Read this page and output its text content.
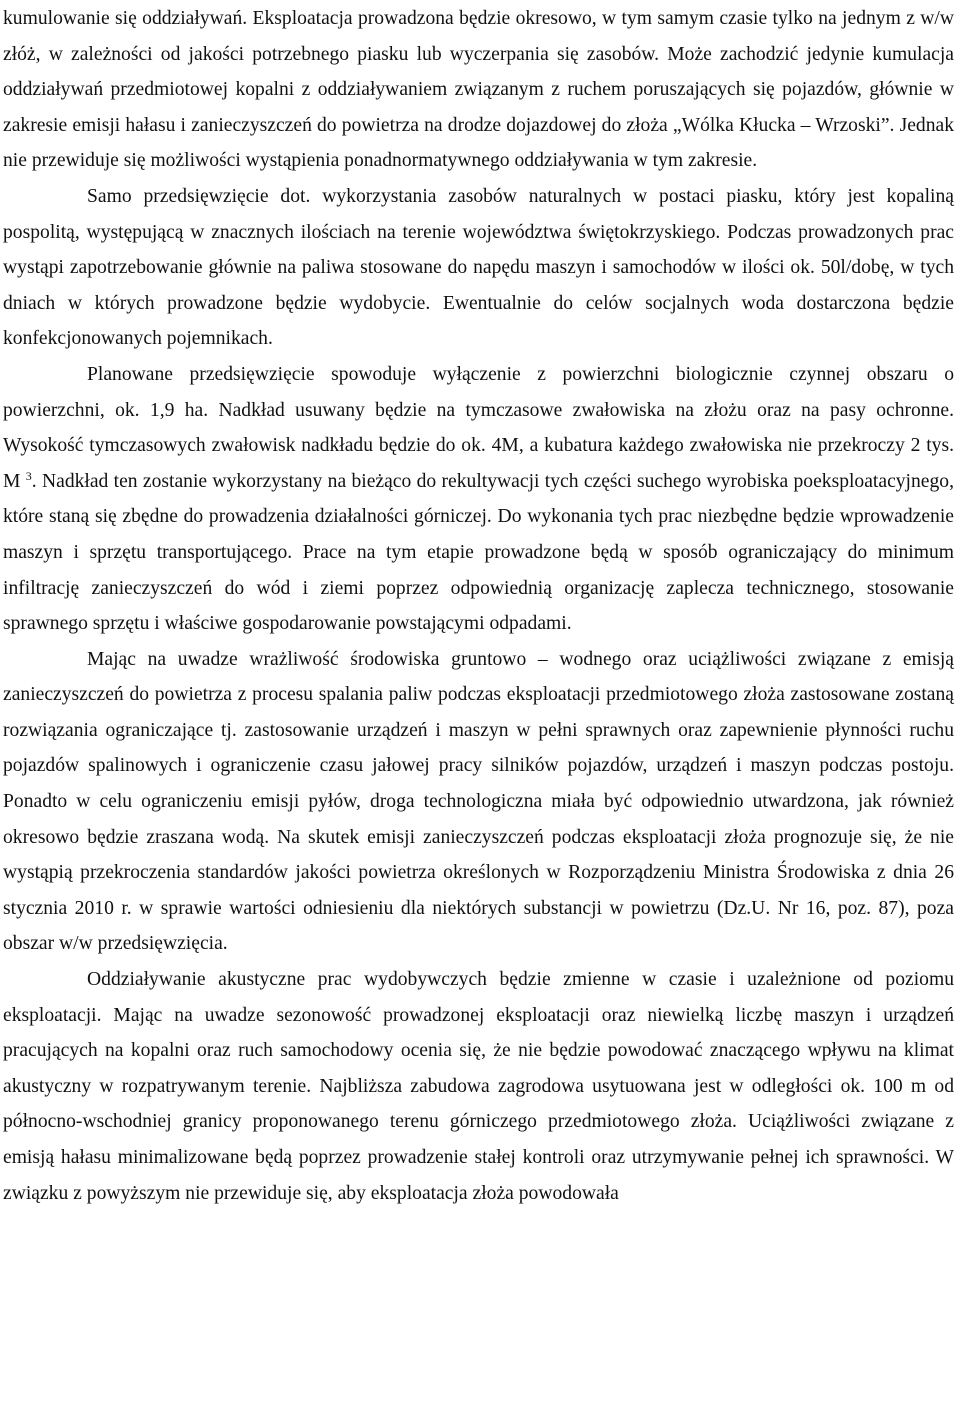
kumulowanie się oddziaływań. Eksploatacja prowadzona będzie okresowo, w tym samym czasie tylko na jednym z w/w złóż, w zależności od jakości potrzebnego piasku lub wyczerpania się zasobów. Może zachodzić jedynie kumulacja oddziaływań przedmiotowej kopalni z oddziaływaniem związanym z ruchem poruszających się pojazdów, głównie w zakresie emisji hałasu i zanieczyszczeń do powietrza na drodze dojazdowej do złoża „Wólka Kłucka – Wrzoski”. Jednak nie przewiduje się możliwości wystąpienia ponadnormatywnego oddziaływania w tym zakresie.

Samo przedsięwzięcie dot. wykorzystania zasobów naturalnych w postaci piasku, który jest kopaliną pospolitą, występującą w znacznych ilościach na terenie województwa świętokrzyskiego. Podczas prowadzonych prac wystąpi zapotrzebowanie głównie na paliwa stosowane do napędu maszyn i samochodów w ilości ok. 50l/dobę, w tych dniach w których prowadzone będzie wydobycie. Ewentualnie do celów socjalnych woda dostarczona będzie konfekcjonowanych pojemnikach.

Planowane przedsięwzięcie spowoduje wyłączenie z powierzchni biologicznie czynnej obszaru o powierzchni, ok. 1,9 ha. Nadkład usuwany będzie na tymczasowe zwałowiska na złożu oraz na pasy ochronne. Wysokość tymczasowych zwałowisk nadkładu będzie do ok. 4M, a kubatura każdego zwałowiska nie przekroczy 2 tys. M $^3$. Nadkład ten zostanie wykorzystany na bieżąco do rekultywacji tych części suchego wyrobiska poeksploatacyjnego, które staną się zbędne do prowadzenia działalności górniczej. Do wykonania tych prac niezbędne będzie wprowadzenie maszyn i sprzętu transportującego. Prace na tym etapie prowadzone będą w sposób ograniczający do minimum infiltrację zanieczyszczeń do wód i ziemi poprzez odpowiednią organizację zaplecza technicznego, stosowanie sprawnego sprzętu i właściwe gospodarowanie powstającymi odpadami.

Mając na uwadze wrażliwość środowiska gruntowo – wodnego oraz uciążliwości związane z emisją zanieczyszczeń do powietrza z procesu spalania paliw podczas eksploatacji przedmiotowego złoża zastosowane zostaną rozwiązania ograniczające tj. zastosowanie urządzeń i maszyn w pełni sprawnych oraz zapewnienie płynności ruchu pojazdów spalinowych i ograniczenie czasu jałowej pracy silników pojazdów, urządzeń i maszyn podczas postoju. Ponadto w celu ograniczeniu emisji pyłów, droga technologiczna miała być odpowiednio utwardzona, jak również okresowo będzie zraszana wodą. Na skutek emisji zanieczyszczeń podczas eksploatacji złoża prognozuje się, że nie wystąpią przekroczenia standardów jakości powietrza określonych w Rozporządzeniu Ministra Środowiska z dnia 26 stycznia 2010 r. w sprawie wartości odniesieniu dla niektórych substancji w powietrzu (Dz.U. Nr 16, poz. 87), poza obszar w/w przedsięwzięcia.

Oddziaływanie akustyczne prac wydobywczych będzie zmienne w czasie i uzależnione od poziomu eksploatacji. Mając na uwadze sezonowość prowadzonej eksploatacji oraz niewielką liczbę maszyn i urządzeń pracujących na kopalni oraz ruch samochodowy ocenia się, że nie będzie powodować znaczącego wpływu na klimat akustyczny w rozpatrywanym terenie. Najbliższa zabudowa zagrodowa usytuowana jest w odległości ok. 100 m od północno-wschodniej granicy proponowanego terenu górniczego przedmiotowego złoża. Uciążliwości związane z emisją hałasu minimalizowane będą poprzez prowadzenie stałej kontroli oraz utrzymywanie pełnej ich sprawności. W związku z powyższym nie przewiduje się, aby eksploatacja złoża powodowała
